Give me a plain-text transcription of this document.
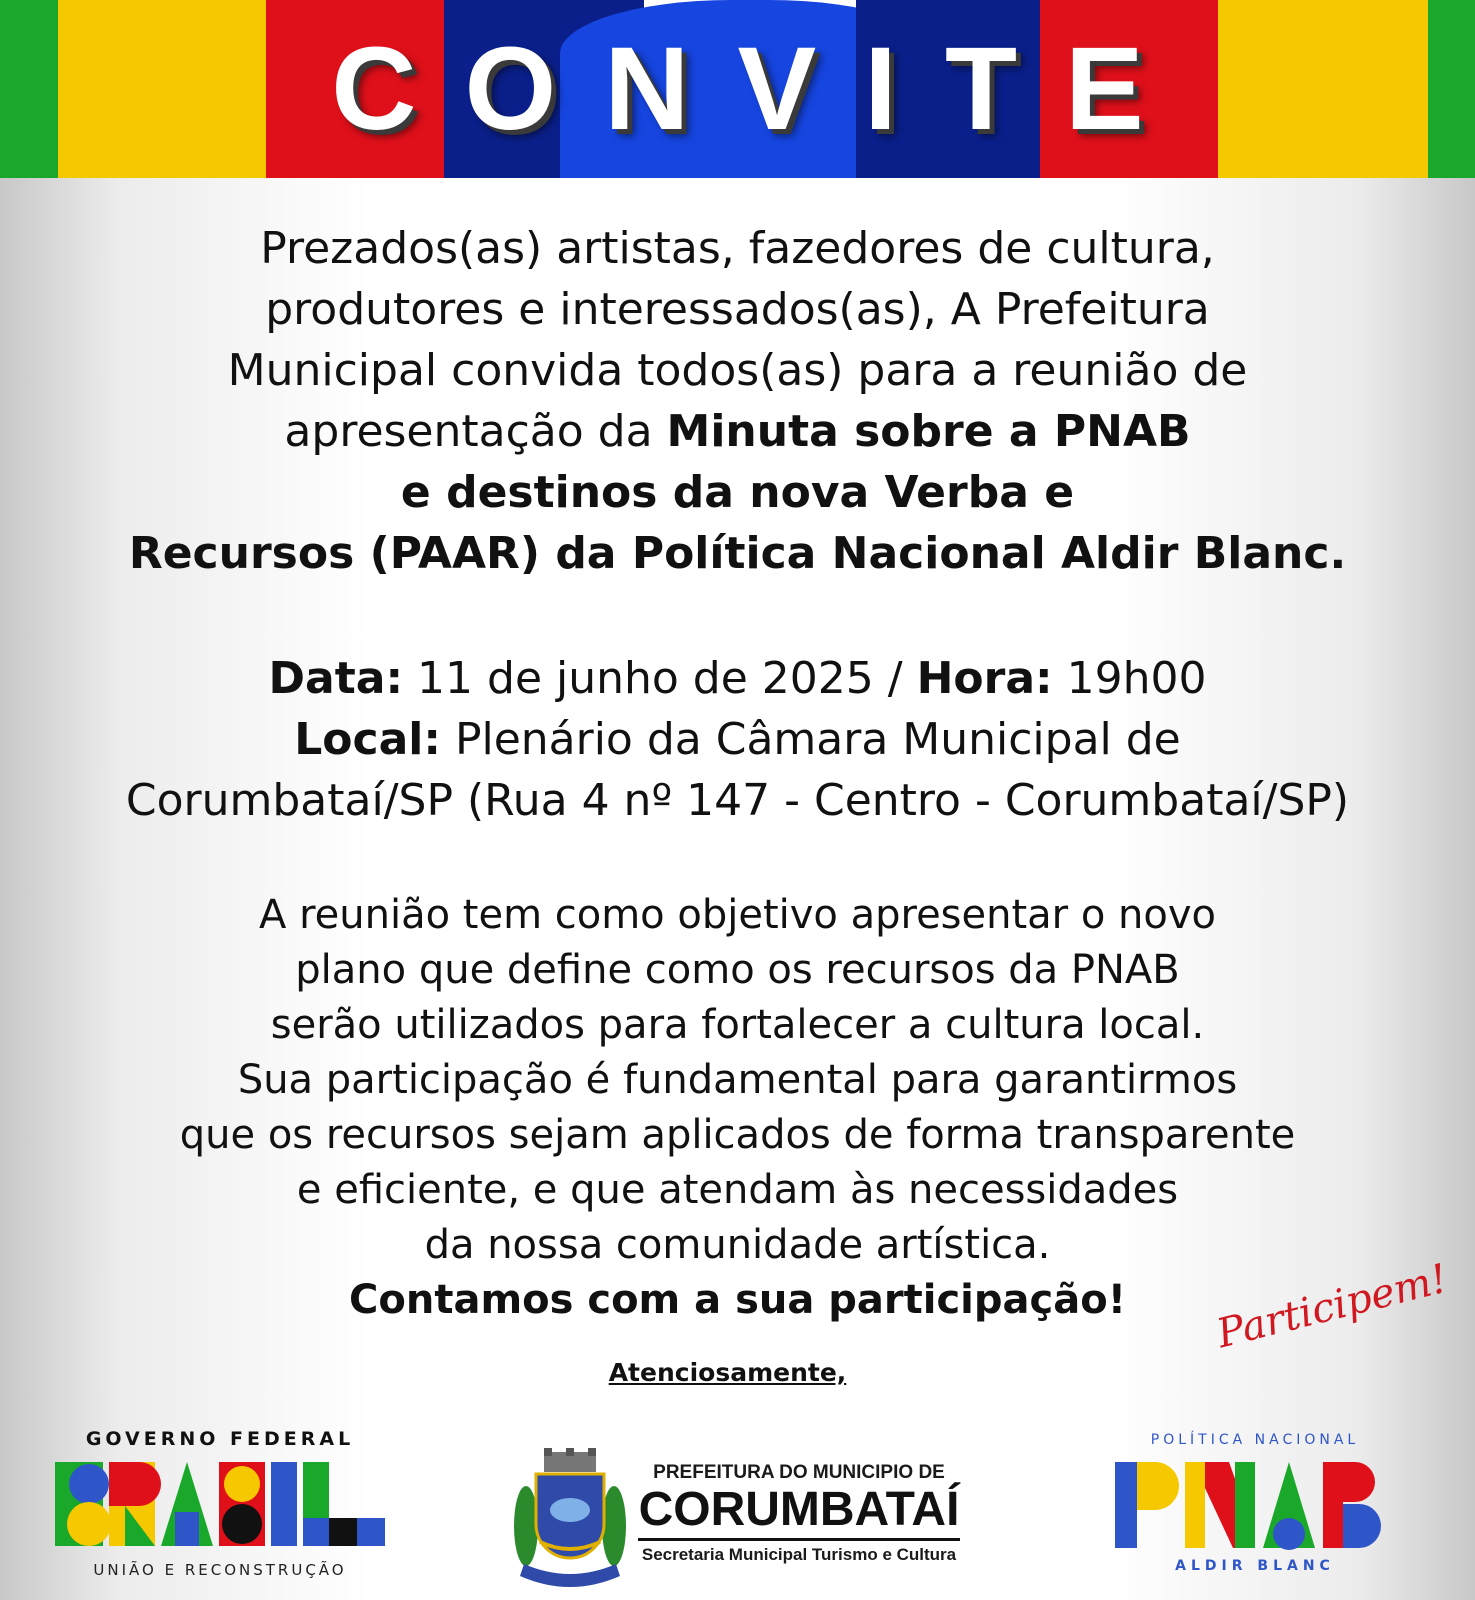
CONVITE
Prezados(as) artistas, fazedores de cultura,
produtores e interessados(as), A Prefeitura
Municipal convida todos(as) para a reunião de
apresentação da Minuta sobre a PNAB
e destinos da nova Verba e
Recursos (PAAR) da Política Nacional Aldir Blanc.
Data: 11 de junho de 2025 / Hora: 19h00
Local: Plenário da Câmara Municipal de
Corumbataí/SP (Rua 4 nº 147 - Centro - Corumbataí/SP)
A reunião tem como objetivo apresentar o novo
plano que define como os recursos da PNAB
serão utilizados para fortalecer a cultura local.
Sua participação é fundamental para garantirmos
que os recursos sejam aplicados de forma transparente
e eficiente, e que atendam às necessidades
da nossa comunidade artística.
Contamos com a sua participação!
Atenciosamente,
Participem!
GOVERNO FEDERAL
UNIÃO E RECONSTRUÇÃO
PREFEITURA DO MUNICIPIO DE
CORUMBATAÍ
Secretaria Municipal Turismo e Cultura
POLÍTICA NACIONAL
ALDIR BLANC
